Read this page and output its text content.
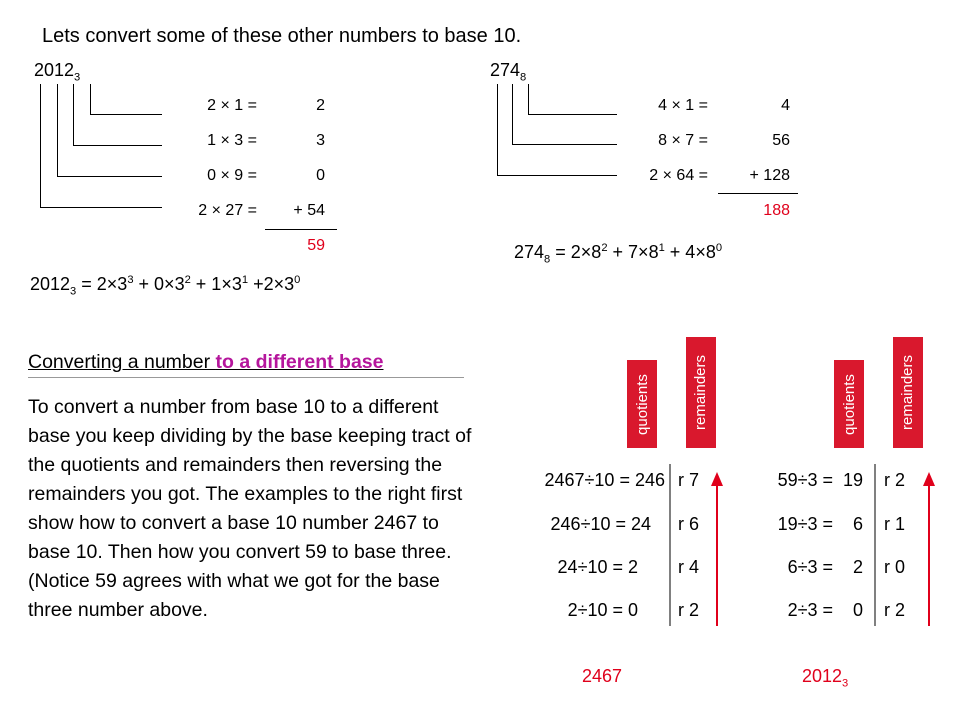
Lets convert some of these other numbers to base 10.
$2012_3$
2 × 1 =	2
1 × 3 =	3
0 × 9 =	0
2 × 27 =	+ 54
59
$2012_3 = 2\times 3^3 + 0\times 3^2 + 1\times 3^1 +2\times 3^0$
$274_8$
4 × 1 =	4
8 × 7 =	56
2 × 64 =	+ 128
188
$274_8 = 2\times 8^2 + 7\times 8^1 + 4\times 8^0$
Converting a number to a different base
To convert a number from base 10 to a different base you keep dividing by the base keeping tract of the quotients and remainders then reversing the remainders you got. The examples to the right first show how to convert a base 10 number 2467 to base 10. Then how you convert 59 to base three. (Notice 59 agrees with what we got for the base three number above.
quotients	remainders	quotients	remainders
2467÷10 = 246 r 7
246÷10 = 24 r 6
24÷10 = 2 r 4
2÷10 = 0 r 2
2467
59÷3 = 19 r 2
19÷3 =	6 r 1
6÷3 =	2 r 0
2÷3 =	0 r 2
$2012_3$
